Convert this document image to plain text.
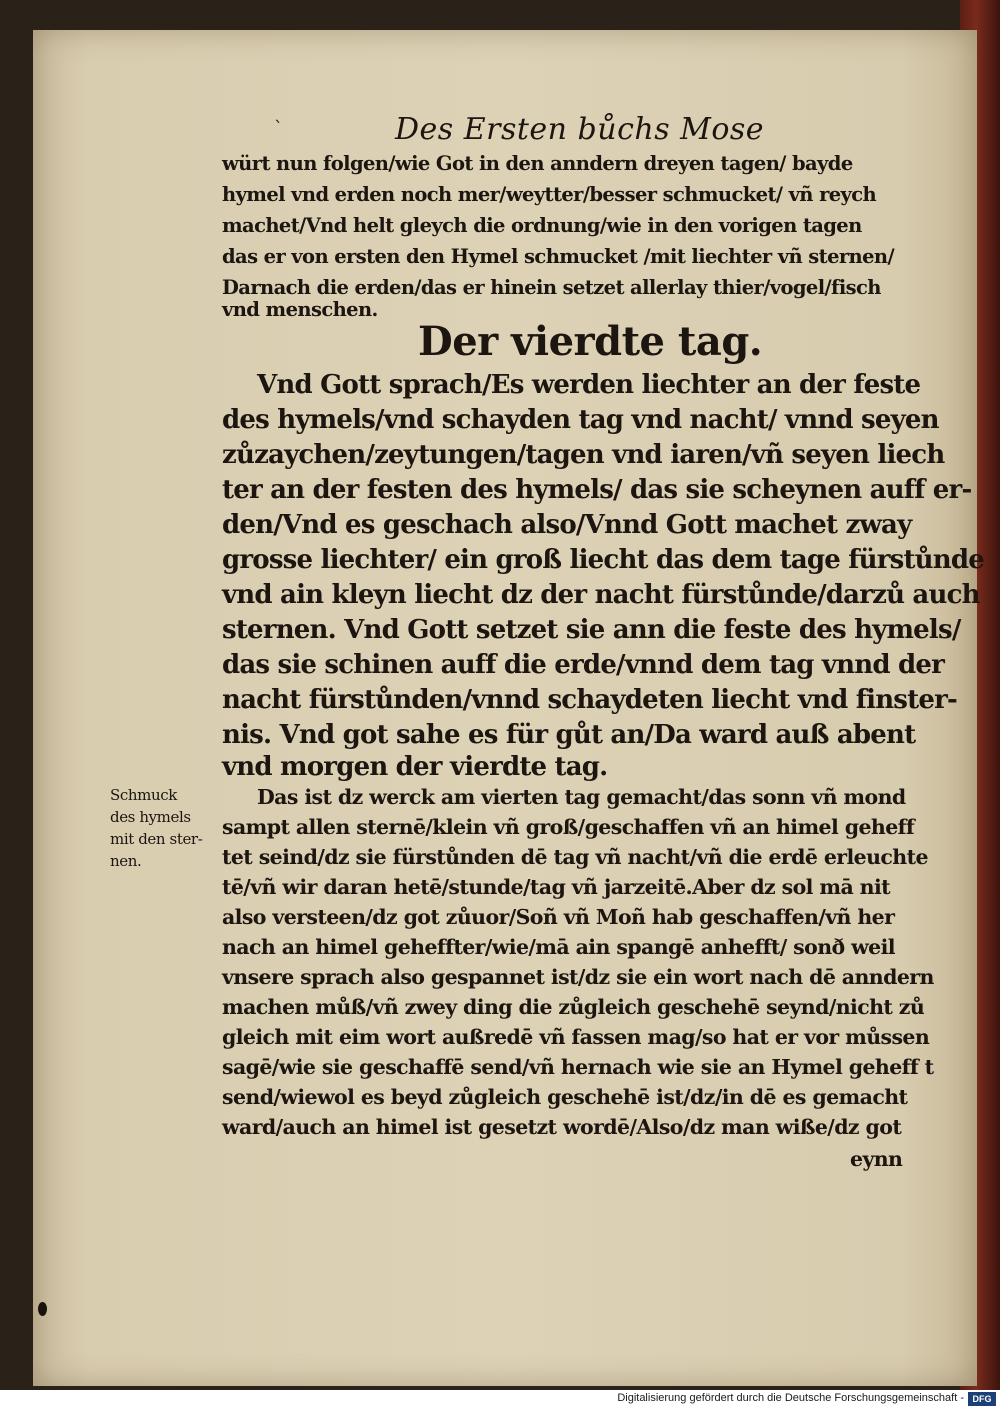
Des Ersten bůchs Mose
würt nun folgen/wie Got in den anndern dreyen tagen/ bayde
hymel vnd erden noch mer/weytter/besser schmucket/ vñ reych
machet/Vnd helt gleych die ordnung/wie in den vorigen tagen
das er von ersten den Hymel schmucket /mit liechter vñ sternen/
Darnach die erden/das er hinein setzet allerlay thier/vogel/fisch
vnd menschen.
Der vierdte tag.
Vnd Gott sprach/Es werden liechter an der feste
des hymels/vnd schayden tag vnd nacht/ vnnd seyen
zůzaychen/zeytungen/tagen vnd iaren/vñ seyen liech
ter an der festen des hymels/ das sie scheynen auff er-
den/Vnd es geschach also/Vnnd Gott machet zway
grosse liechter/ ein groß liecht das dem tage fürstůnde
vnd ain kleyn liecht dz der nacht fürstůnde/darzů auch
sternen. Vnd Gott setzet sie ann die feste des hymels/
das sie schinen auff die erde/vnnd dem tag vnnd der
nacht fürstůnden/vnnd schaydeten liecht vnd finster-
nis. Vnd got sahe es für gůt an/Da ward auß abent
vnd morgen der vierdte tag.
Schmuck
des hymels
mit den ster-
nen.
Das ist dz werck am vierten tag gemacht/das sonn vñ mond
sampt allen sternē/klein vñ groß/geschaffen vñ an himel geheff
tet seind/dz sie fürstůnden dē tag vñ nacht/vñ die erdē erleuchte
tē/vñ wir daran hetē/stunde/tag vñ jarzeitē.Aber dz sol mā nit
also versteen/dz got zůuor/Soñ vñ Moñ hab geschaffen/vñ her
nach an himel geheffter/wie/mā ain spangē anhefft/ sonð weil
vnsere sprach also gespannet ist/dz sie ein wort nach dē anndern
machen můß/vñ zwey ding die zůgleich geschehē seynd/nicht zů
gleich mit eim wort außredē vñ fassen mag/so hat er vor můssen
sagē/wie sie geschaffē send/vñ hernach wie sie an Hymel geheff t
send/wiewol es beyd zůgleich geschehē ist/dz/in dē es gemacht
ward/auch an himel ist gesetzt wordē/Also/dz man wiße/dz got
eynn
Digitalisierung gefördert durch die Deutsche Forschungsgemeinschaft - DFG
